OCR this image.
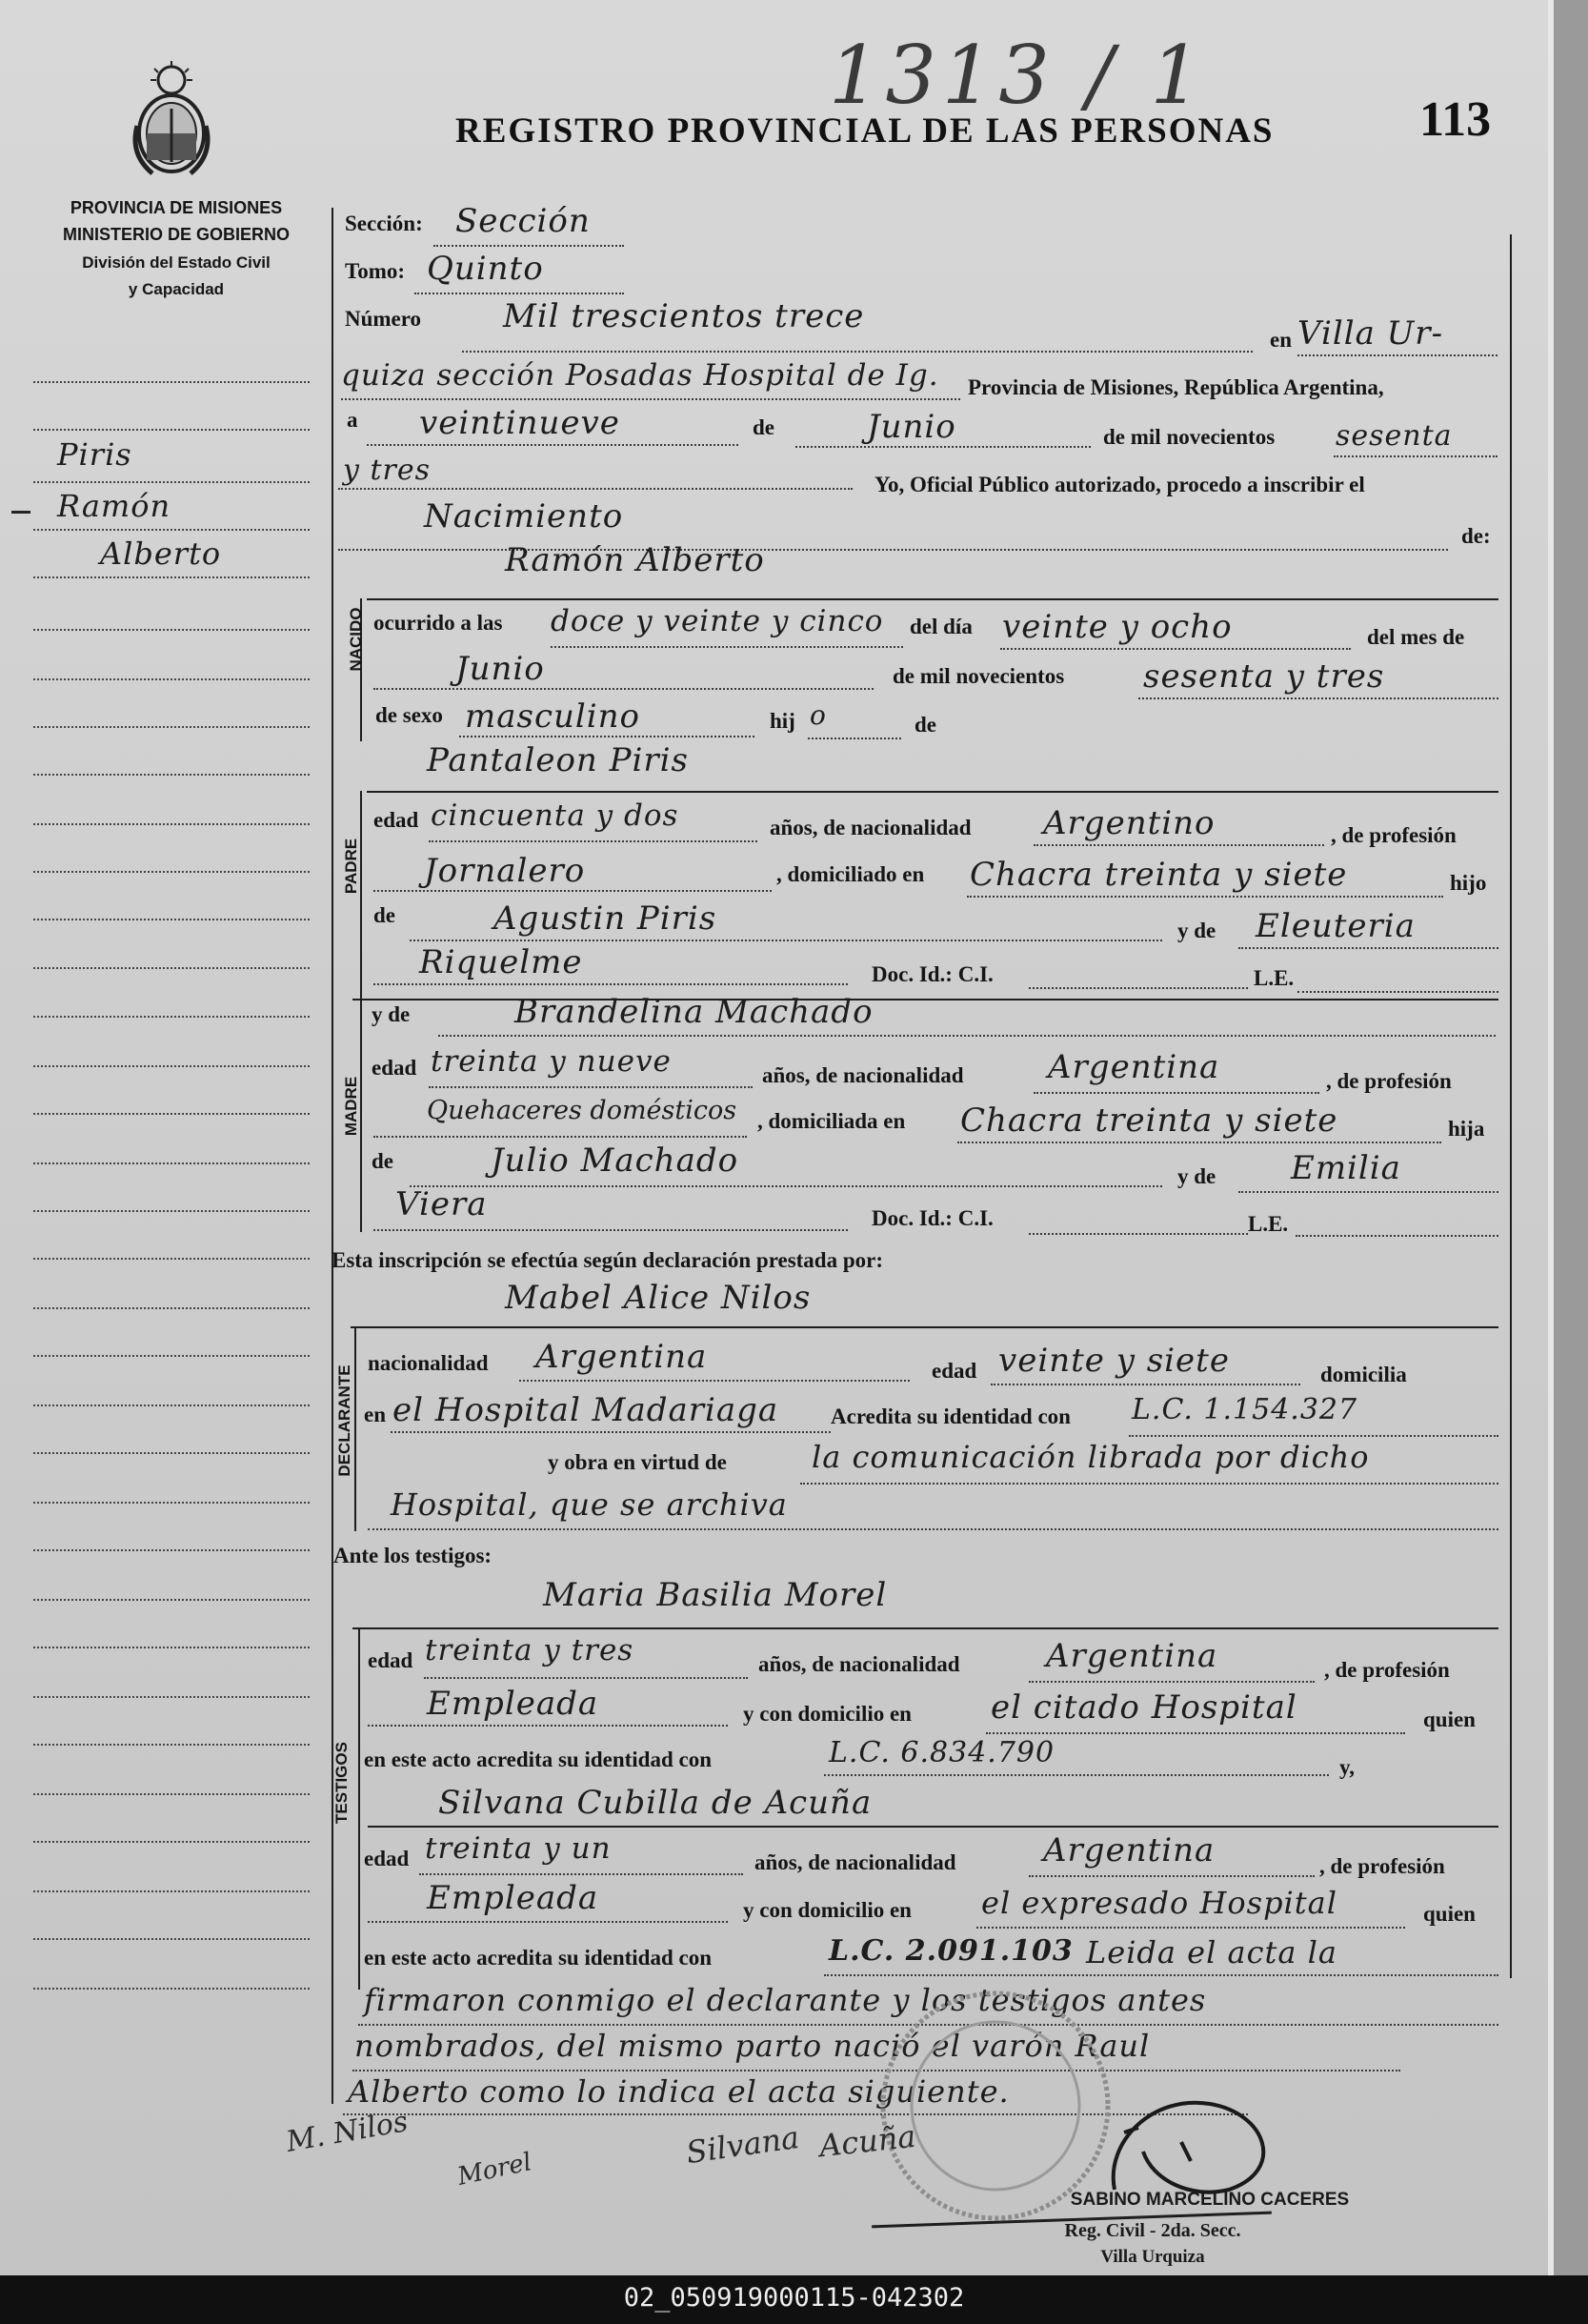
1313 / 1
PROVINCIA DE MISIONES
MINISTERIO DE GOBIERNO
División del Estado Civil
y Capacidad
REGISTRO PROVINCIAL DE LAS PERSONAS	113
Piris
Ramón
Alberto
Sección: Sección
Tomo: Quinto
Número	Mil trescientos trece
en Villa Ur-
quiza sección Posadas Hospital de Ig. Provincia de Misiones, República Argentina,
a veintinueve	de	Junio	de mil novecientos sesenta
y tres	Yo, Oficial Público autorizado, procedo a inscribir el
Nacimiento
de:
Ramón Alberto
NACIDO ocurrido a las doce y veinte y cinco del día veinte y ocho	del mes de
Junio	de mil novecientos sesenta y tres
de sexo masculino	hij o	de
Pantaleon Piris
PADRE
edad cincuenta y dos	años, de nacionalidad Argentino	, de profesión
Jornalero	, domiciliado en Chacra treinta y siete	hijo
de	Agustin Piris	y de Eleuteria
Riquelme	Doc. Id.: C.I.	L.E.
y de	Brandelina Machado
MADRE
edad treinta y nueve	años, de nacionalidad	Argentina	, de profesión
Quehaceres domésticos , domiciliada en Chacra treinta y siete	hija
de	Julio Machado	y de Emilia
Viera	Doc. Id.: C.I.	L.E.
Esta inscripción se efectúa según declaración prestada por:
Mabel Alice Nilos
DECLARANTE
nacionalidad Argentina	edad veinte y siete	domicilia
en el Hospital Madariaga Acredita su identidad con L.C. 1.154.327
y obra en virtud de	la comunicación librada por dicho
Hospital, que se archiva
Ante los testigos:
Maria Basilia Morel
TESTIGOS
edad treinta y tres	años, de nacionalidad	Argentina	, de profesión
Empleada	y con domicilio en el citado Hospital	quien
en este acto acredita su identidad con	L.C. 6.834.790	y,
Silvana Cubilla de Acuña
edad treinta y un	años, de nacionalidad	Argentina	, de profesión
Empleada	y con domicilio en el expresado Hospital	quien
en este acto acredita su identidad con	L.C. 2.091.103 Leida el acta la
firmaron conmigo el declarante y los testigos antes
nombrados, del mismo parto nació el varón Raul
Alberto como lo indica el acta siguiente.
M. Nilos
Morel	Silvana Acuña
SABINO MARCELINO CACERES
Reg. Civil - 2da. Secc.
Villa Urquiza
02_050919000115-042302
